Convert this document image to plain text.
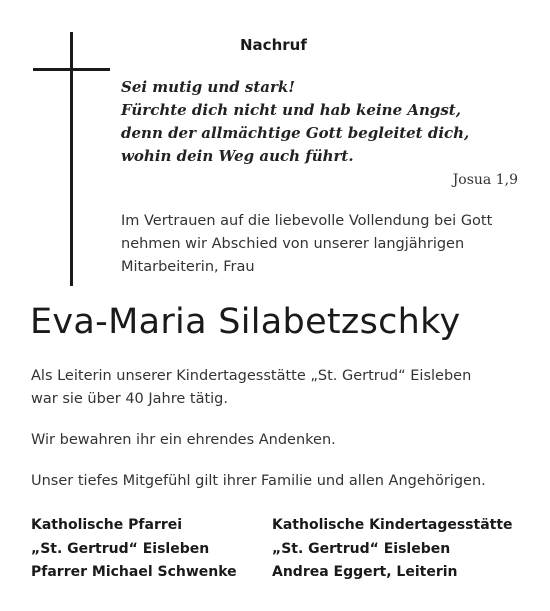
Nachruf
Sei mutig und stark!
Fürchte dich nicht und hab keine Angst,
denn der allmächtige Gott begleitet dich,
wohin dein Weg auch führt.
Josua 1,9
Im Vertrauen auf die liebevolle Vollendung bei Gott
nehmen wir Abschied von unserer langjährigen
Mitarbeiterin, Frau
Eva-Maria Silabetzschky
Als Leiterin unserer Kindertagesstätte „St. Gertrud“ Eisleben
war sie über 40 Jahre tätig.
Wir bewahren ihr ein ehrendes Andenken.
Unser tiefes Mitgefühl gilt ihrer Familie und allen Angehörigen.
Katholische Pfarrei
„St. Gertrud“ Eisleben
Pfarrer Michael Schwenke
Katholische Kindertagesstätte
„St. Gertrud“ Eisleben
Andrea Eggert, Leiterin
